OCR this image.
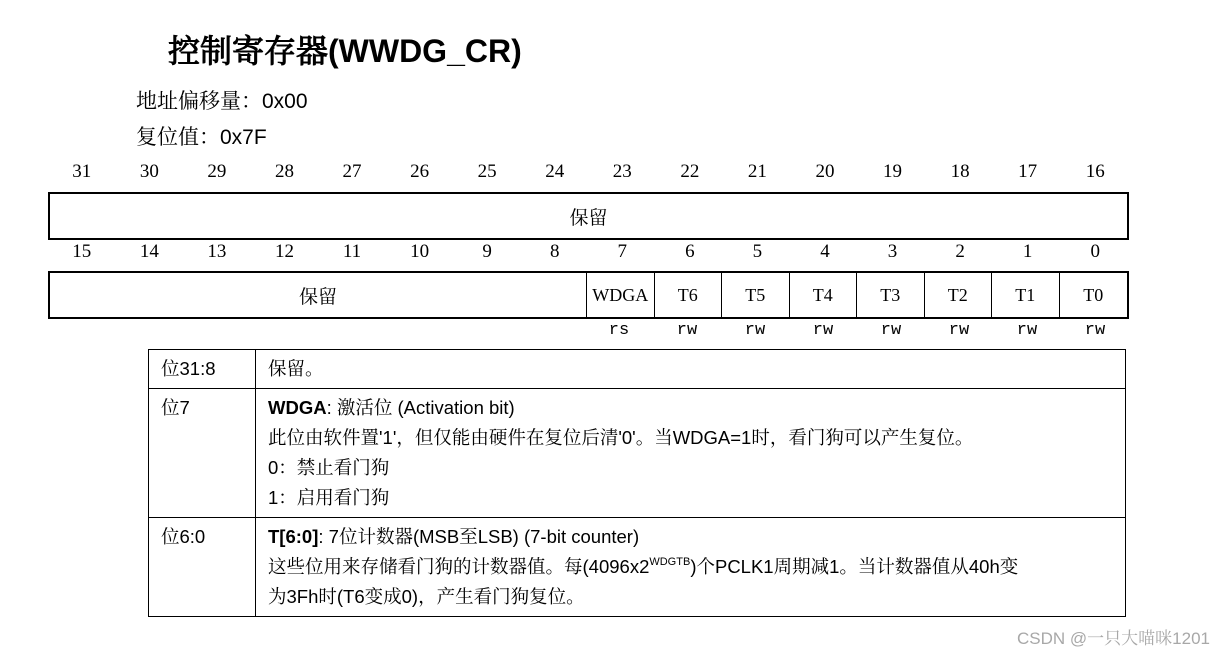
控制寄存器(WWDG_CR)
地址偏移量：0x00
复位值：0x7F
31	30	29	28	27	26	25	24	23	22	21	20	19	18	17	16
保留
15	14	13	12	11	10	9	8	7	6	5	4	3	2	1	0
保留	WDGA	T6	T5	T4	T3	T2	T1	T0
rs	rw	rw	rw	rw	rw	rw	rw
位31:8	保留。
位7	WDGA: 激活位 (Activation bit)
此位由软件置'1'，但仅能由硬件在复位后清'0'。当WDGA=1时，看门狗可以产生复位。
0：禁止看门狗
1：启用看门狗

位6:0	T[6:0]: 7位计数器(MSB至LSB) (7-bit counter)
这些位用来存储看门狗的计数器值。每$(4096x2^{WDGTB})$个PCLK1周期减1。当计数器值从40h变
为3Fh时(T6变成0)，产生看门狗复位。
CSDN @一只大喵咪1201
